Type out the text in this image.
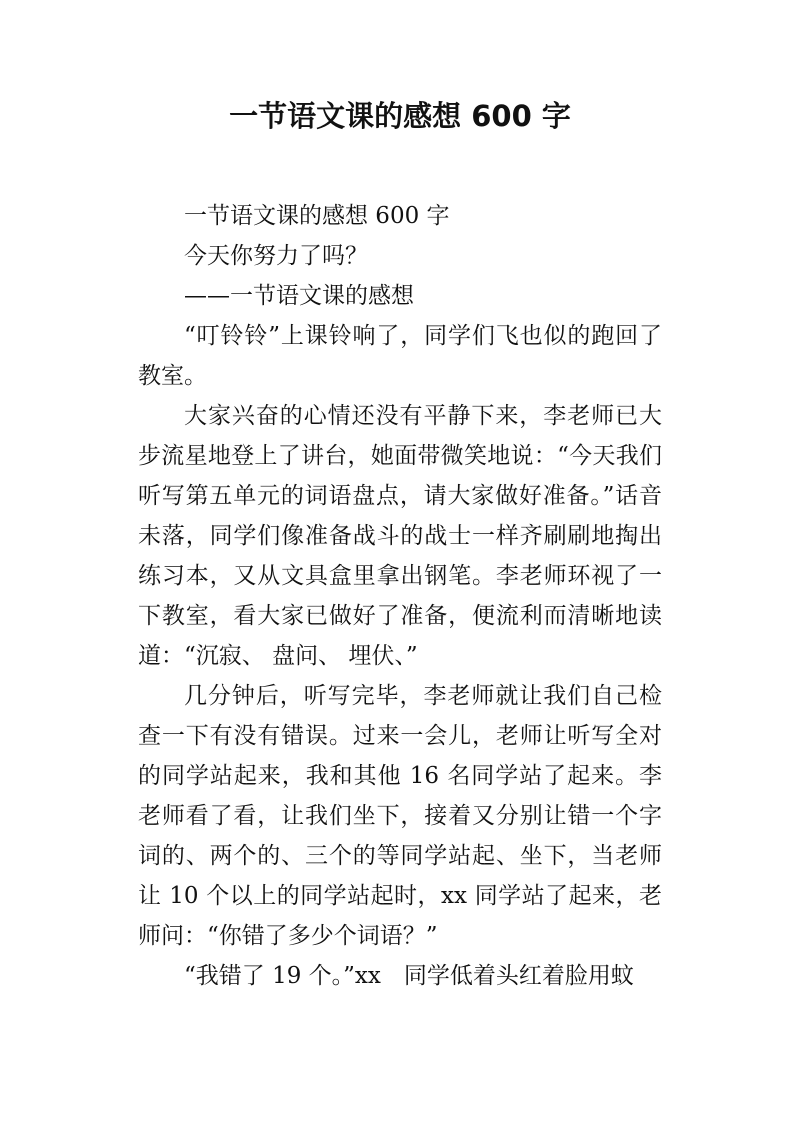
一节语文课的感想 600 字

一节语文课的感想 600 字

今天你努力了吗？

——一节语文课的感想

“叮铃铃”上课铃响了，同学们飞也似的跑回了教室。

大家兴奋的心情还没有平静下来，李老师已大步流星地登上了讲台，她面带微笑地说：“今天我们听写第五单元的词语盘点，请大家做好准备。”话音未落，同学们像准备战斗的战士一样齐刷刷地掏出练习本，又从文具盒里拿出钢笔。李老师环视了一下教室，看大家已做好了准备，便流利而清晰地读道：“沉寂、 盘问、 埋伏、”

几分钟后，听写完毕，李老师就让我们自己检查一下有没有错误。过来一会儿，老师让听写全对的同学站起来，我和其他 16 名同学站了起来。李老师看了看，让我们坐下，接着又分别让错一个字词的、两个的、三个的等同学站起、坐下，当老师让 10 个以上的同学站起时，xx 同学站了起来，老师问：“你错了多少个词语？”

“我错了 19 个。”xx　同学低着头红着脸用蚊
